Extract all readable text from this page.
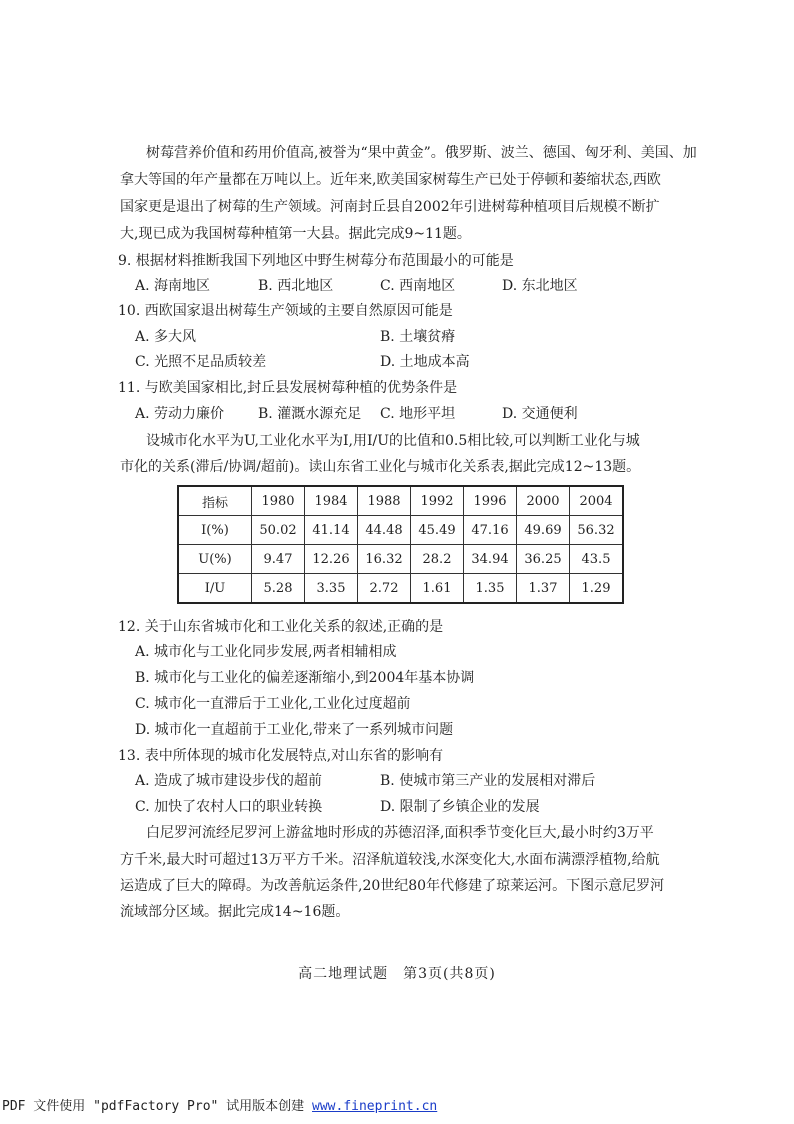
树莓营养价值和药用价值高,被誉为“果中黄金”。俄罗斯、波兰、德国、匈牙利、美国、加
拿大等国的年产量都在万吨以上。近年来,欧美国家树莓生产已处于停顿和萎缩状态,西欧
国家更是退出了树莓的生产领域。河南封丘县自2002年引进树莓种植项目后规模不断扩
大,现已成为我国树莓种植第一大县。据此完成9~11题。
9. 根据材料推断我国下列地区中野生树莓分布范围最小的可能是
A. 海南地区	B. 西北地区	C. 西南地区	D. 东北地区
10. 西欧国家退出树莓生产领域的主要自然原因可能是
A. 多大风	B. 土壤贫瘠
C. 光照不足品质较差	D. 土地成本高
11. 与欧美国家相比,封丘县发展树莓种植的优势条件是
A. 劳动力廉价 B. 灌溉水源充足 C. 地形平坦	D. 交通便利
设城市化水平为U,工业化水平为I,用I/U的比值和0.5相比较,可以判断工业化与城
市化的关系(滞后/协调/超前)。读山东省工业化与城市化关系表,据此完成12~13题。
指标	1980	1984	1988	1992	1996	2000	2004
I(%)	50.02	41.14	44.48	45.49	47.16	49.69	56.32
U(%)	9.47	12.26	16.32	28.2	34.94	36.25	43.5
I/U	5.28	3.35	2.72	1.61	1.35	1.37	1.29
12. 关于山东省城市化和工业化关系的叙述,正确的是
A. 城市化与工业化同步发展,两者相辅相成
B. 城市化与工业化的偏差逐渐缩小,到2004年基本协调
C. 城市化一直滞后于工业化,工业化过度超前
D. 城市化一直超前于工业化,带来了一系列城市问题
13. 表中所体现的城市化发展特点,对山东省的影响有
A. 造成了城市建设步伐的超前	B. 使城市第三产业的发展相对滞后
C. 加快了农村人口的职业转换	D. 限制了乡镇企业的发展
白尼罗河流经尼罗河上游盆地时形成的苏德沼泽,面积季节变化巨大,最小时约3万平
方千米,最大时可超过13万平方千米。沼泽航道较浅,水深变化大,水面布满漂浮植物,给航
运造成了巨大的障碍。为改善航运条件,20世纪80年代修建了琼莱运河。下图示意尼罗河
流域部分区域。据此完成14~16题。
高二地理试题　第3页(共8页)
PDF 文件使用 "pdfFactory Pro" 试用版本创建 www.fineprint.cn
